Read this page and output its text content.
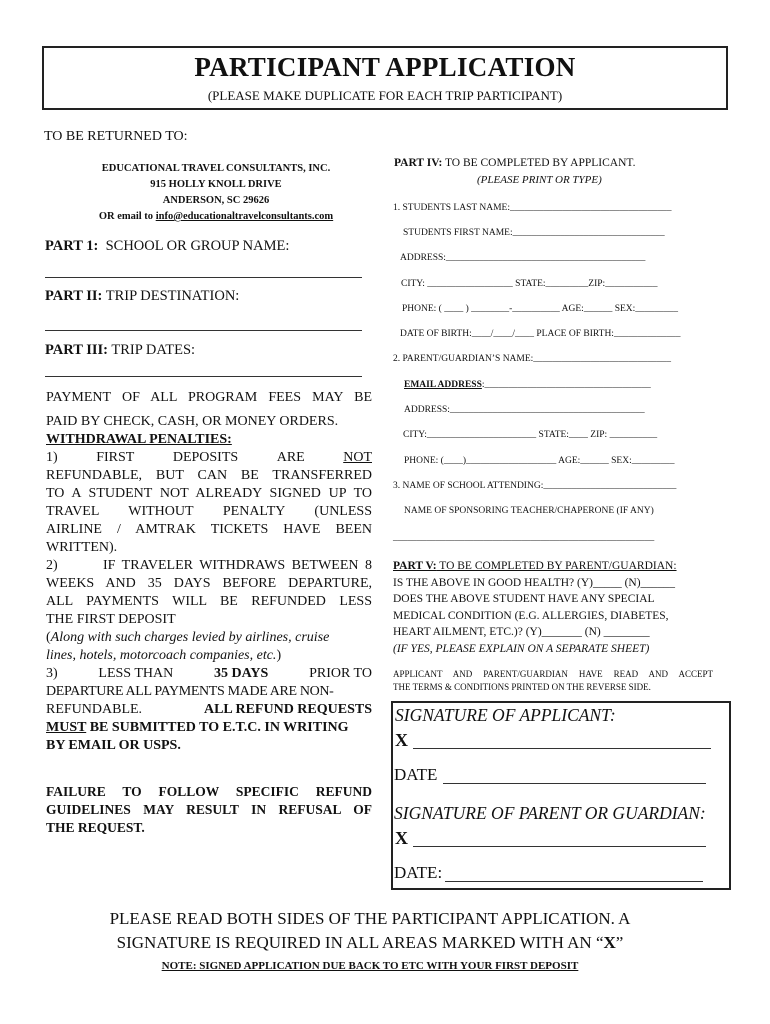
PARTICIPANT APPLICATION
(PLEASE MAKE DUPLICATE FOR EACH TRIP PARTICIPANT)
TO BE RETURNED TO:
EDUCATIONAL TRAVEL CONSULTANTS, INC.
915 HOLLY KNOLL DRIVE
ANDERSON, SC 29626
OR email to info@educationaltravelconsultants.com
PART 1: SCHOOL OR GROUP NAME:
PART II: TRIP DESTINATION:
PART III: TRIP DATES:
PAYMENT OF ALL PROGRAM FEES MAY BE
PAID BY CHECK, CASH, OR MONEY ORDERS.
WITHDRAWAL PENALTIES:
1)	FIRST	DEPOSITS	ARE	NOT
REFUNDABLE, BUT CAN BE TRANSFERRED
TO A STUDENT NOT ALREADY SIGNED UP TO
TRAVEL WITHOUT PENALTY (UNLESS
AIRLINE / AMTRAK TICKETS HAVE BEEN
WRITTEN).
2)       IF TRAVELER WITHDRAWS BETWEEN 8
WEEKS AND 35 DAYS BEFORE DEPARTURE,
ALL PAYMENTS WILL BE REFUNDED LESS
THE FIRST DEPOSIT
(Along with such charges levied by airlines, cruise
lines, hotels, motorcoach companies, etc.)
3)	LESS THAN	35 DAYS	PRIOR TO
DEPARTURE ALL PAYMENTS MADE ARE NON-
REFUNDABLE.	ALL REFUND REQUESTS
MUST BE SUBMITTED TO E.T.C. IN WRITING
BY EMAIL OR USPS.
FAILURE TO FOLLOW SPECIFIC REFUND
GUIDELINES MAY RESULT IN REFUSAL OF
THE REQUEST.
PART IV: TO BE COMPLETED BY APPLICANT.
(PLEASE PRINT OR TYPE)
1. STUDENTS LAST NAME:__________________________________
STUDENTS FIRST NAME:________________________________
ADDRESS:__________________________________________
CITY: __________________ STATE:_________ZIP:___________
PHONE: ( ____ ) ________-__________ AGE:______ SEX:_________
DATE OF BIRTH:____/____/____ PLACE OF BIRTH:______________
2. PARENT/GUARDIAN’S NAME:_____________________________
EMAIL ADDRESS:___________________________________
ADDRESS:_________________________________________
CITY:_______________________ STATE:____ ZIP: __________
PHONE: (____)___________________ AGE:______ SEX:_________
3. NAME OF SCHOOL ATTENDING:____________________________
NAME OF SPONSORING TEACHER/CHAPERONE (IF ANY)
_______________________________________________________
PART V: TO BE COMPLETED BY PARENT/GUARDIAN:
IS THE ABOVE IN GOOD HEALTH? (Y)_____ (N)______
DOES THE ABOVE STUDENT HAVE ANY SPECIAL
MEDICAL CONDITION (E.G. ALLERGIES, DIABETES,
HEART AILMENT, ETC.)? (Y)_______ (N) ________
(IF YES, PLEASE EXPLAIN ON A SEPARATE SHEET)
APPLICANT AND PARENT/GUARDIAN HAVE READ AND ACCEPT
THE TERMS & CONDITIONS PRINTED ON THE REVERSE SIDE.
SIGNATURE OF APPLICANT:
X
DATE
SIGNATURE OF PARENT OR GUARDIAN:
X
DATE:
PLEASE READ BOTH SIDES OF THE PARTICIPANT APPLICATION. A
SIGNATURE IS REQUIRED IN ALL AREAS MARKED WITH AN “X”
NOTE: SIGNED APPLICATION DUE BACK TO ETC WITH YOUR FIRST DEPOSIT
